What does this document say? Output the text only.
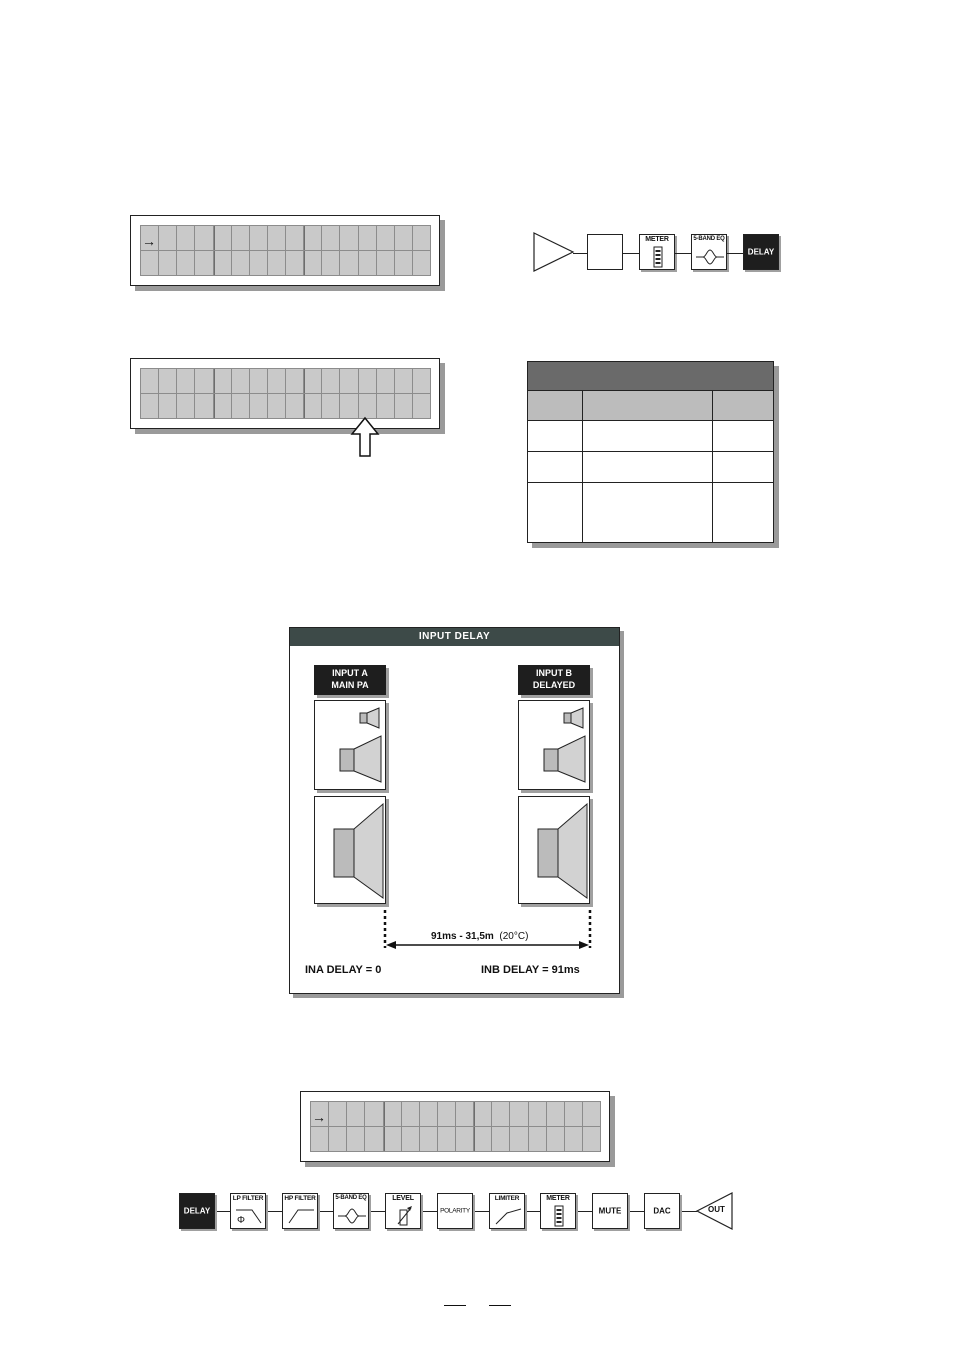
→	METER	5-BAND EQ
DELAY
INPUT DELAY
INPUT A
MAIN PA
INPUT B
DELAYED
91ms - 31,5m (20°C)
INA DELAY = 0	INB DELAY = 91ms
→
DELAY
LP FILTER
Φ
HP FILTER	5-BAND EQ	LEVEL
POLARITY
LIMITER	METER
MUTE	DAC	OUT
